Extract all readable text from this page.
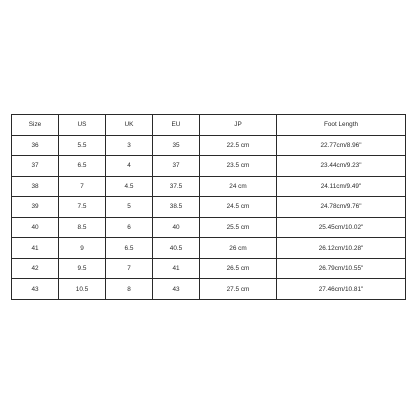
Size	US	UK	EU	JP	Foot Length
36	5.5	3	35	22.5 cm	22.77cm/8.96"
37	6.5	4	37	23.5 cm	23.44cm/9.23"
38	7	4.5	37.5	24 cm	24.11cm/9.49"
39	7.5	5	38.5	24.5 cm	24.78cm/9.76"
40	8.5	6	40	25.5 cm	25.45cm/10.02"
41	9	6.5	40.5	26 cm	26.12cm/10.28"
42	9.5	7	41	26.5 cm	26.79cm/10.55"
43	10.5	8	43	27.5 cm	27.46cm/10.81"
